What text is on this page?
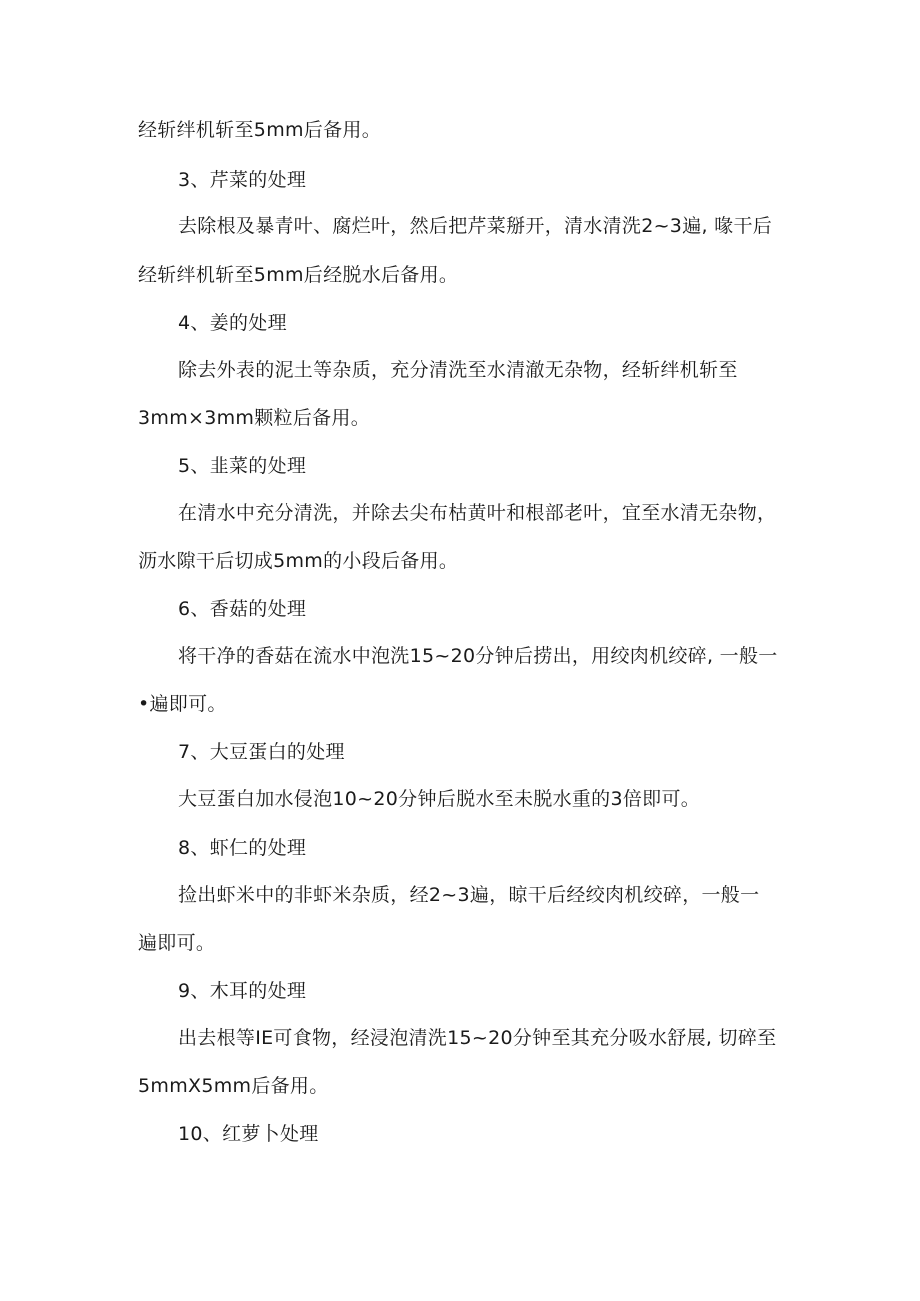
经斩绊机斩至5mm后备用。
3、芹菜的处理
去除根及暴青叶、腐烂叶，然后把芹菜掰开，清水清洗2~3遍, 喙干后
经斩绊机斩至5mm后经脱水后备用。
4、姜的处理
除去外表的泥土等杂质，充分清洗至水清澈无杂物，经斩绊机斩至
3mm×3mm颗粒后备用。
5、韭菜的处理
在清水中充分清洗，并除去尖布枯黄叶和根部老叶，宜至水清无杂物，
沥水隙干后切成5mm的小段后备用。
6、香菇的处理
将干净的香菇在流水中泡洗15~20分钟后捞出，用绞肉机绞碎, 一般一
•遍即可。
7、大豆蛋白的处理
大豆蛋白加水侵泡10~20分钟后脱水至未脱水重的3倍即可。
8、虾仁的处理
捡出虾米中的非虾米杂质，经2~3遍，晾干后经绞肉机绞碎，一般一
遍即可。
9、木耳的处理
出去根等IE可食物，经浸泡清洗15~20分钟至其充分吸水舒展, 切碎至
5mmX5mm后备用。
10、红萝卜处理
